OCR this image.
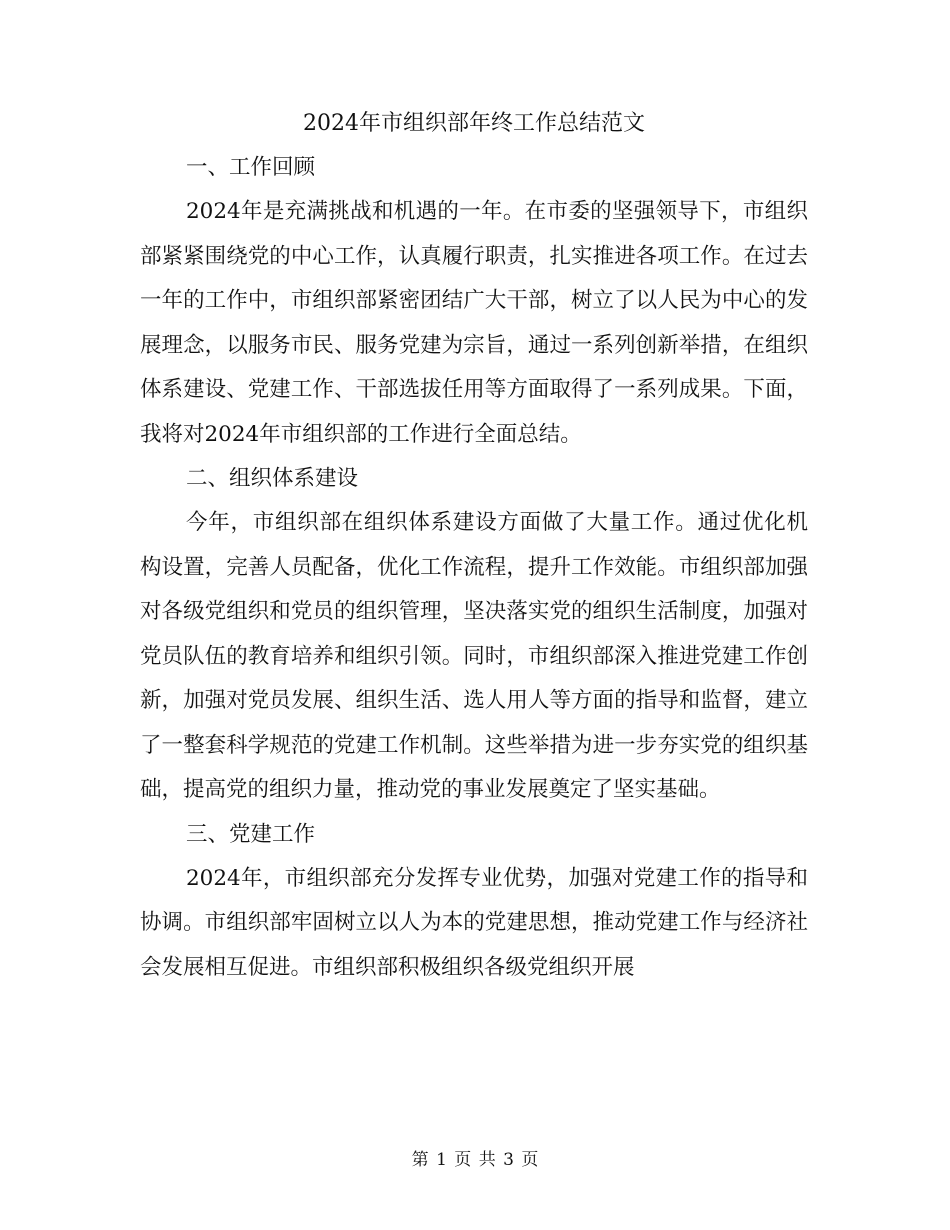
2024年市组织部年终工作总结范文

一、工作回顾

2024年是充满挑战和机遇的一年。在市委的坚强领导下，市组织部紧紧围绕党的中心工作，认真履行职责，扎实推进各项工作。在过去一年的工作中，市组织部紧密团结广大干部，树立了以人民为中心的发展理念，以服务市民、服务党建为宗旨，通过一系列创新举措，在组织体系建设、党建工作、干部选拔任用等方面取得了一系列成果。下面，我将对2024年市组织部的工作进行全面总结。

二、组织体系建设

今年，市组织部在组织体系建设方面做了大量工作。通过优化机构设置，完善人员配备，优化工作流程，提升工作效能。市组织部加强对各级党组织和党员的组织管理，坚决落实党的组织生活制度，加强对党员队伍的教育培养和组织引领。同时，市组织部深入推进党建工作创新，加强对党员发展、组织生活、选人用人等方面的指导和监督，建立了一整套科学规范的党建工作机制。这些举措为进一步夯实党的组织基础，提高党的组织力量，推动党的事业发展奠定了坚实基础。

三、党建工作

2024年，市组织部充分发挥专业优势，加强对党建工作的指导和协调。市组织部牢固树立以人为本的党建思想，推动党建工作与经济社会发展相互促进。市组织部积极组织各级党组织开展

第 1 页 共 3 页
